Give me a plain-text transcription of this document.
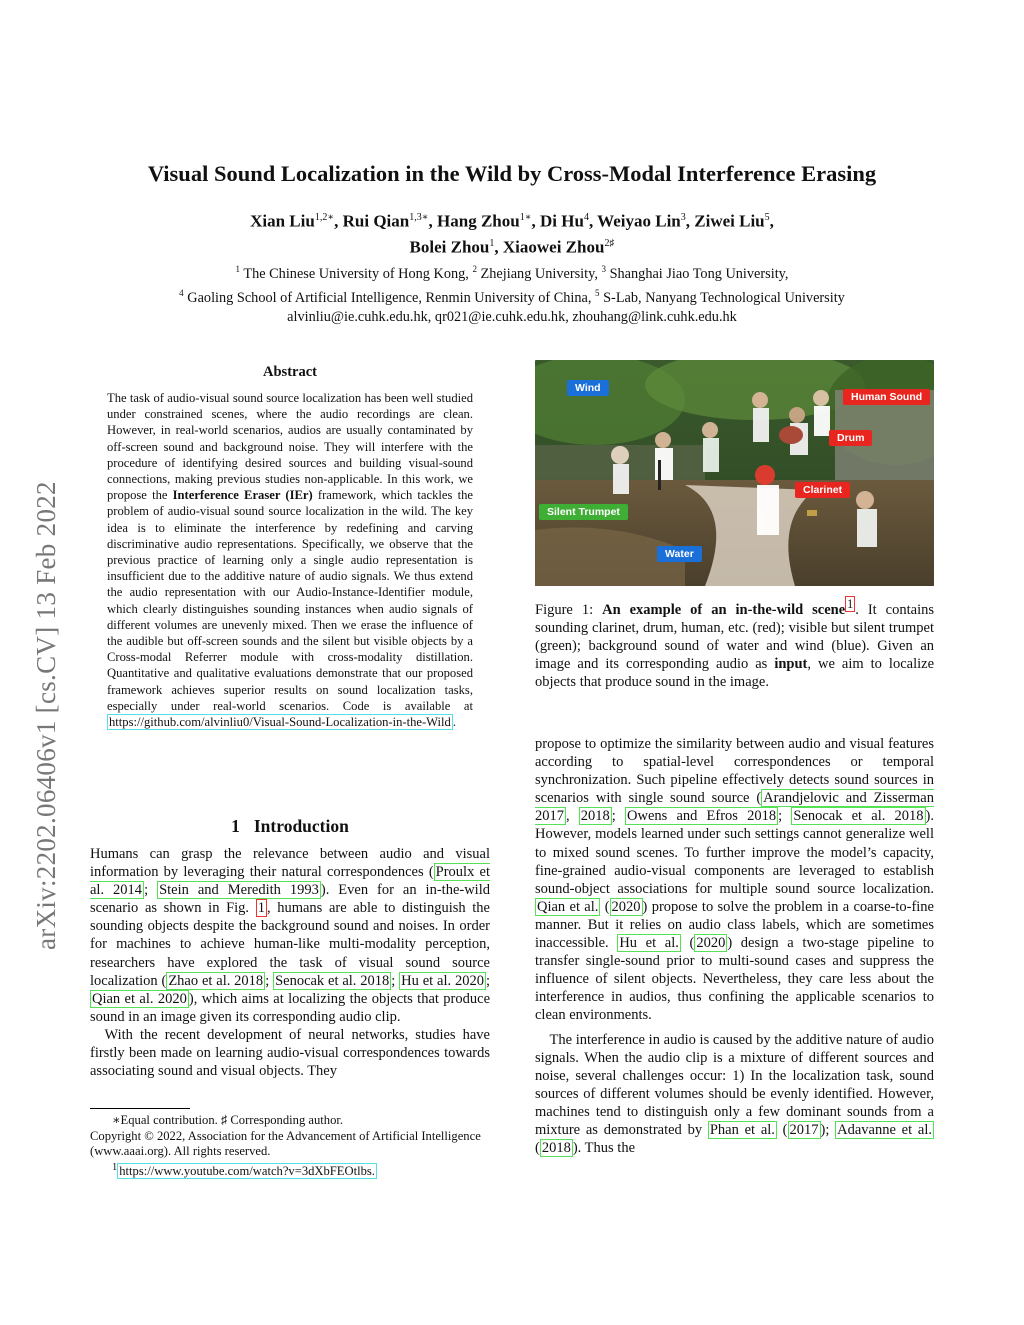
arXiv:2202.06406v1 [cs.CV] 13 Feb 2022
Visual Sound Localization in the Wild by Cross-Modal Interference Erasing
Xian Liu$^{1,2∗}$, Rui Qian$^{1,3∗}$, Hang Zhou$^{1∗}$, Di Hu$^4$, Weiyao Lin$^3$, Ziwei Liu$^5$,
Bolei Zhou$^1$, Xiaowei Zhou$^{2♯}$
$^1$ The Chinese University of Hong Kong, $^2$ Zhejiang University, $^3$ Shanghai Jiao Tong University,
$^4$ Gaoling School of Artificial Intelligence, Renmin University of China, $^5$ S-Lab, Nanyang Technological University
alvinliu@ie.cuhk.edu.hk, qr021@ie.cuhk.edu.hk, zhouhang@link.cuhk.edu.hk
Abstract
The task of audio-visual sound source localization has been well studied under constrained scenes, where the audio recordings are clean. However, in real-world scenarios, audios are usually contaminated by off-screen sound and background noise. They will interfere with the procedure of identifying desired sources and building visual-sound connections, making previous studies non-applicable. In this work, we propose the Interference Eraser (IEr) framework, which tackles the problem of audio-visual sound source localization in the wild. The key idea is to eliminate the interference by redefining and carving discriminative audio representations. Specifically, we observe that the previous practice of learning only a single audio representation is insufficient due to the additive nature of audio signals. We thus extend the audio representation with our Audio-Instance-Identifier module, which clearly distinguishes sounding instances when audio signals of different volumes are unevenly mixed. Then we erase the influence of the audible but off-screen sounds and the silent but visible objects by a Cross-modal Referrer module with cross-modality distillation. Quantitative and qualitative evaluations demonstrate that our proposed framework achieves superior results on sound localization tasks, especially under real-world scenarios. Code is available at https://github.com/alvinliu0/Visual-Sound-Localization-in-the-Wild .
1 Introduction

Humans can grasp the relevance between audio and visual information by leveraging their natural correspondences ( Proulx et al. 2014 ; Stein and Meredith 1993 ). Even for an in-the-wild scenario as shown in Fig. 1 , humans are able to distinguish the sounding objects despite the background sound and noises. In order for machines to achieve human-like multi-modality perception, researchers have explored the task of visual sound source localization ( Zhao et al. 2018 ; Senocak et al. 2018 ; Hu et al. 2020 ; Qian et al. 2020 ), which aims at localizing the objects that produce sound in an image given its corresponding audio clip.

With the recent development of neural networks, studies have firstly been made on learning audio-visual correspondences towards associating sound and visual objects. They

∗Equal contribution. ♯ Corresponding author.
Copyright © 2022, Association for the Advancement of Artificial Intelligence (www.aaai.org). All rights reserved.
$^1$ https://www.youtube.com/watch?v=3dXbFEOtlbs.
Wind
Human Sound
Drum
Clarinet
Silent Trumpet
Water
Figure 1: An example of an in-the-wild scene $^1$ . It contains sounding clarinet, drum, human, etc. (red); visible but silent trumpet (green); background sound of water and wind (blue). Given an image and its corresponding audio as input, we aim to localize objects that produce sound in the image.

propose to optimize the similarity between audio and visual features according to spatial-level correspondences or temporal synchronization. Such pipeline effectively detects sound sources in scenarios with single sound source ( Arandjelovic and Zisserman 2017 , 2018 ; Owens and Efros 2018 ; Senocak et al. 2018 ). However, models learned under such settings cannot generalize well to mixed sound scenes. To further improve the model’s capacity, fine-grained audio-visual components are leveraged to establish sound-object associations for multiple sound source localization. Qian et al. ( 2020 ) propose to solve the problem in a coarse-to-fine manner. But it relies on audio class labels, which are sometimes inaccessible. Hu et al. ( 2020 ) design a two-stage pipeline to transfer single-sound prior to multi-sound cases and suppress the influence of silent objects. Nevertheless, they care less about the interference in audios, thus confining the applicable scenarios to clean environments.

The interference in audio is caused by the additive nature of audio signals. When the audio clip is a mixture of different sources and noise, several challenges occur: 1) In the localization task, sound sources of different volumes should be evenly identified. However, machines tend to distinguish only a few dominant sounds from a mixture as demonstrated by Phan et al. ( 2017 ); Adavanne et al. ( 2018 ). Thus the
